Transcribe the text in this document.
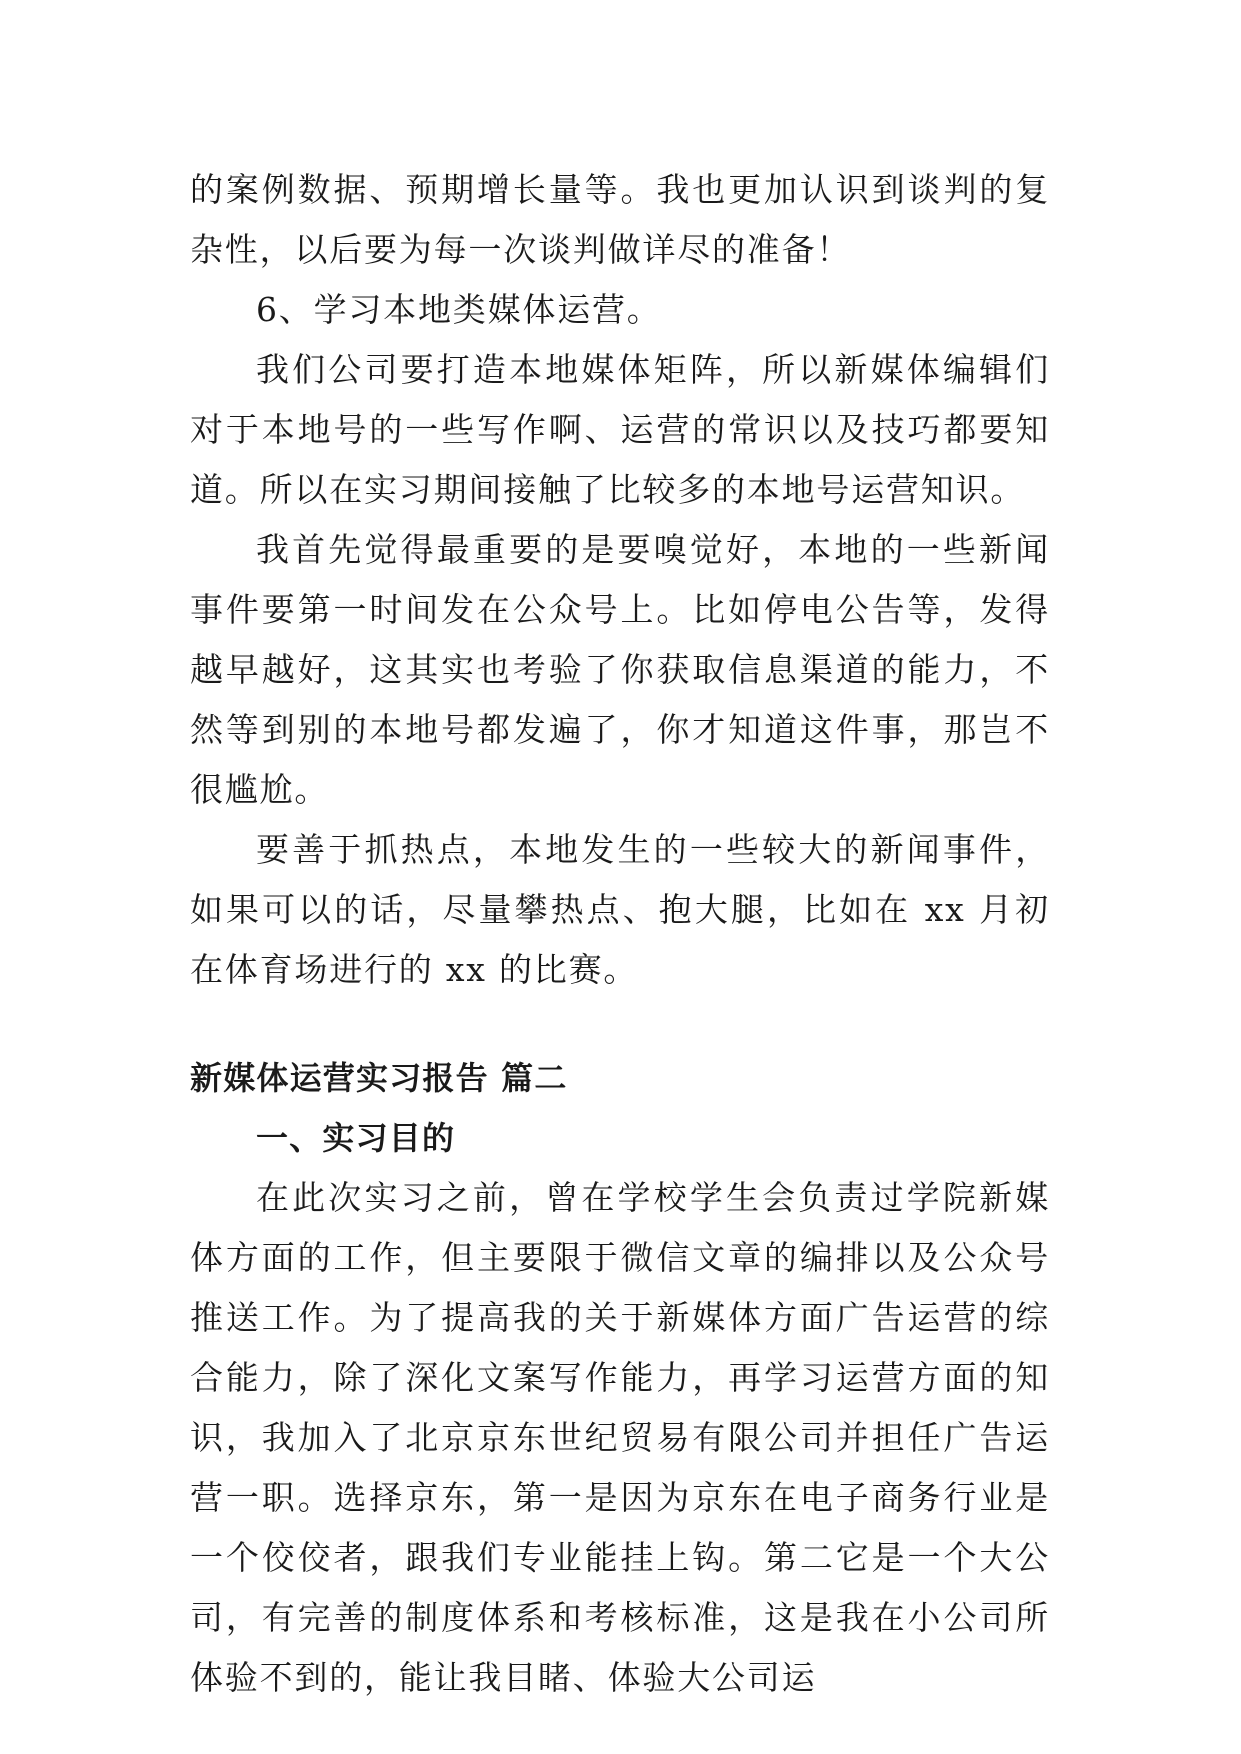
的案例数据、预期增长量等。我也更加认识到谈判的复杂性，以后要为每一次谈判做详尽的准备！

6、学习本地类媒体运营。

我们公司要打造本地媒体矩阵，所以新媒体编辑们对于本地号的一些写作啊、运营的常识以及技巧都要知道。所以在实习期间接触了比较多的本地号运营知识。

我首先觉得最重要的是要嗅觉好，本地的一些新闻事件要第一时间发在公众号上。比如停电公告等，发得越早越好，这其实也考验了你获取信息渠道的能力，不然等到别的本地号都发遍了，你才知道这件事，那岂不很尴尬。

要善于抓热点，本地发生的一些较大的新闻事件，如果可以的话，尽量攀热点、抱大腿，比如在 xx 月初在体育场进行的 xx 的比赛。

新媒体运营实习报告 篇二
一、实习目的

在此次实习之前，曾在学校学生会负责过学院新媒体方面的工作，但主要限于微信文章的编排以及公众号推送工作。为了提高我的关于新媒体方面广告运营的综合能力，除了深化文案写作能力，再学习运营方面的知识，我加入了北京京东世纪贸易有限公司并担任广告运营一职。选择京东，第一是因为京东在电子商务行业是一个佼佼者，跟我们专业能挂上钩。第二它是一个大公司，有完善的制度体系和考核标准，这是我在小公司所体验不到的，能让我目睹、体验大公司运
